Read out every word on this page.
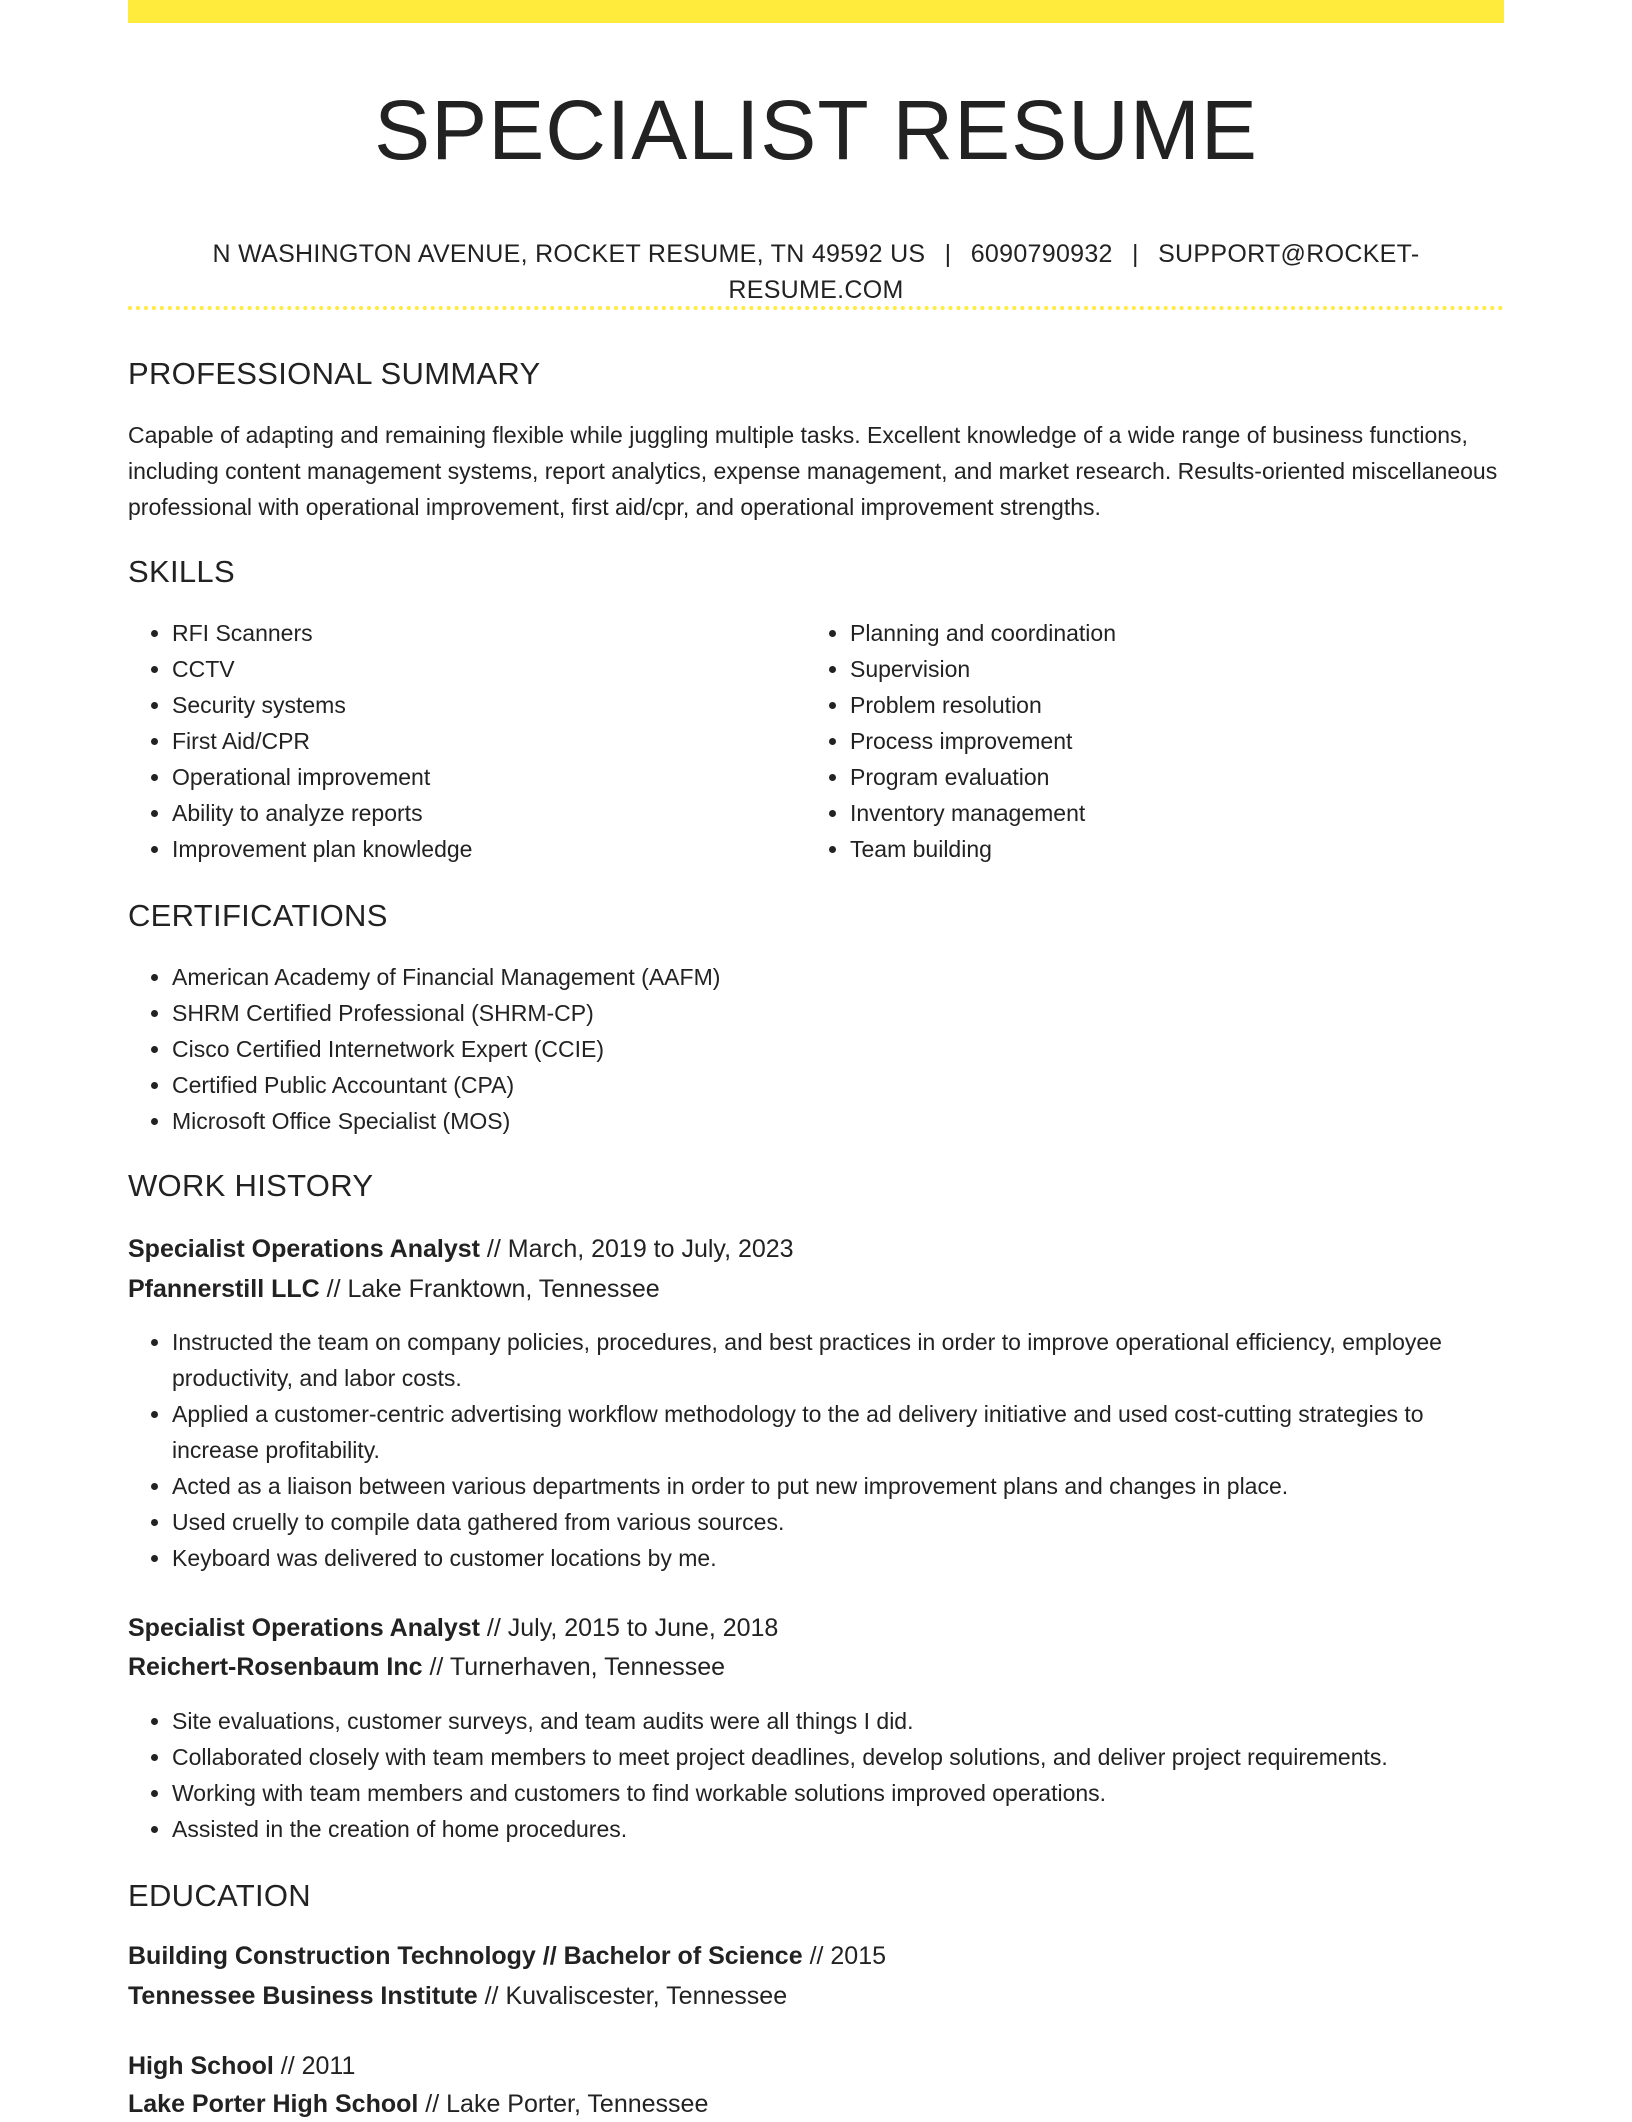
SPECIALIST RESUME
N WASHINGTON AVENUE, ROCKET RESUME, TN 49592 US | 6090790932 | SUPPORT@ROCKET-RESUME.COM
PROFESSIONAL SUMMARY

Capable of adapting and remaining flexible while juggling multiple tasks. Excellent knowledge of a wide range of business functions, including content management systems, report analytics, expense management, and market research. Results-oriented miscellaneous professional with operational improvement, first aid/cpr, and operational improvement strengths.

SKILLS
• RFI Scanners
• CCTV
• Security systems
• First Aid/CPR
• Operational improvement
• Ability to analyze reports
• Improvement plan knowledge
• Planning and coordination
• Supervision
• Problem resolution
• Process improvement
• Program evaluation
• Inventory management
• Team building
CERTIFICATIONS
• American Academy of Financial Management (AAFM)
• SHRM Certified Professional (SHRM-CP)
• Cisco Certified Internetwork Expert (CCIE)
• Certified Public Accountant (CPA)
• Microsoft Office Specialist (MOS)
WORK HISTORY
Specialist Operations Analyst // March, 2019 to July, 2023
Pfannerstill LLC // Lake Franktown, Tennessee
• Instructed the team on company policies, procedures, and best practices in order to improve operational efficiency, employee productivity, and labor costs.
• Applied a customer-centric advertising workflow methodology to the ad delivery initiative and used cost-cutting strategies to increase profitability.
• Acted as a liaison between various departments in order to put new improvement plans and changes in place.
• Used cruelly to compile data gathered from various sources.
• Keyboard was delivered to customer locations by me.
Specialist Operations Analyst // July, 2015 to June, 2018
Reichert-Rosenbaum Inc // Turnerhaven, Tennessee
• Site evaluations, customer surveys, and team audits were all things I did.
• Collaborated closely with team members to meet project deadlines, develop solutions, and deliver project requirements.
• Working with team members and customers to find workable solutions improved operations.
• Assisted in the creation of home procedures.
EDUCATION
Building Construction Technology // Bachelor of Science // 2015
Tennessee Business Institute // Kuvaliscester, Tennessee
High School // 2011
Lake Porter High School // Lake Porter, Tennessee
